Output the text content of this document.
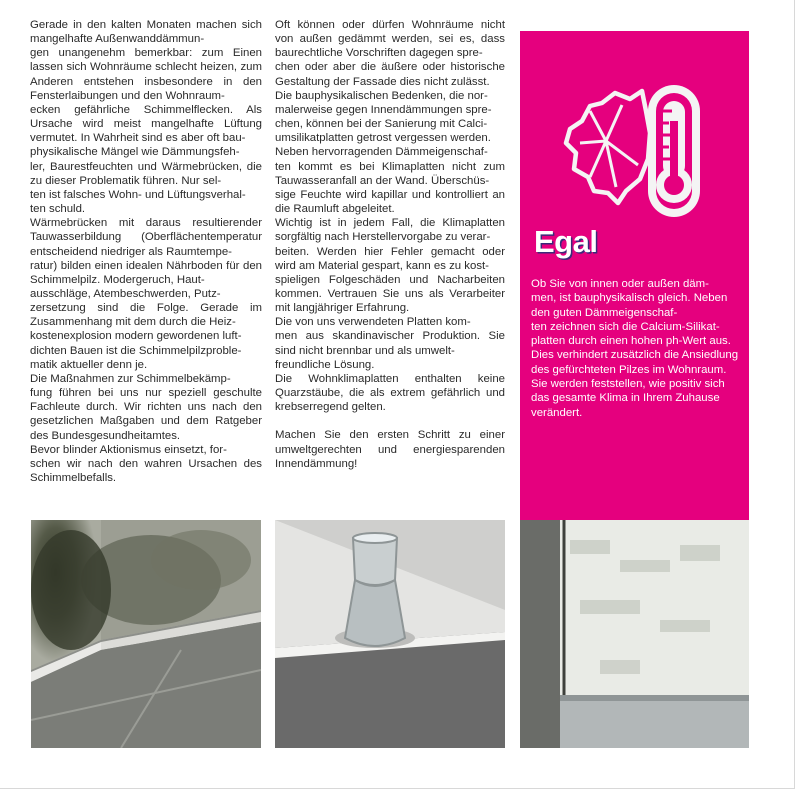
Gerade in den kalten Monaten machen sich mangelhafte Außenwanddämmun-
gen unangenehm bemerkbar: zum Einen lassen sich Wohnräume schlecht heizen, zum Anderen entstehen insbesondere in den Fensterlaibungen und den Wohnraum-
ecken gefährliche Schimmelflecken. Als Ursache wird meist mangelhafte Lüftung vermutet. In Wahrheit sind es aber oft bau-
physikalische Mängel wie Dämmungsfeh-
ler, Baurestfeuchten und Wärmebrücken, die zu dieser Problematik führen. Nur sel-
ten ist falsches Wohn- und Lüftungsverhal-
ten schuld.

Wärmebrücken mit daraus resultierender Tauwasserbildung (Oberflächentemperatur entscheidend niedriger als Raumtempe-
ratur) bilden einen idealen Nährboden für den Schimmelpilz. Modergeruch, Haut-
ausschläge, Atembeschwerden, Putz-
zersetzung sind die Folge. Gerade im Zusammenhang mit dem durch die Heiz-
kostenexplosion modern gewordenen luft-
dichten Bauen ist die Schimmelpilzproble-
matik aktueller denn je.

Die Maßnahmen zur Schimmelbekämp-
fung führen bei uns nur speziell geschulte Fachleute durch. Wir richten uns nach den gesetzlichen Maßgaben und dem Ratgeber des Bundesgesundheitamtes.

Bevor blinder Aktionismus einsetzt, for-
schen wir nach den wahren Ursachen des Schimmelbefalls.

Oft können oder dürfen Wohnräume nicht von außen gedämmt werden, sei es, dass baurechtliche Vorschriften dagegen spre-
chen oder aber die äußere oder historische Gestaltung der Fassade dies nicht zulässt.

Die bauphysikalischen Bedenken, die nor-
malerweise gegen Innendämmungen spre-
chen, können bei der Sanierung mit Calci-
umsilikatplatten getrost vergessen werden.

Neben hervorragenden Dämmeigenschaf-
ten kommt es bei Klimaplatten nicht zum Tauwasseranfall an der Wand. Überschüs-
sige Feuchte wird kapillar und kontrolliert an die Raumluft abgeleitet.

Wichtig ist in jedem Fall, die Klimaplatten sorgfältig nach Herstellervorgabe zu verar-
beiten. Werden hier Fehler gemacht oder wird am Material gespart, kann es zu kost-
spieligen Folgeschäden und Nacharbeiten kommen. Vertrauen Sie uns als Verarbeiter mit langjähriger Erfahrung.

Die von uns verwendeten Platten kom-
men aus skandinavischer Produktion. Sie sind nicht brennbar und als umwelt-
freundliche Lösung.

Die Wohnklimaplatten enthalten keine Quarzstäube, die als extrem gefährlich und krebserregend gelten.

Machen Sie den ersten Schritt zu einer umweltgerechten und energiesparenden Innendämmung!

Egal

Ob Sie von innen oder außen däm-
men, ist bauphysikalisch gleich. Neben den guten Dämmeigenschaf-
ten zeichnen sich die Calcium-Silikat-
platten durch einen hohen ph-Wert aus. Dies verhindert zusätzlich die Ansiedlung des gefürchteten Pilzes im Wohnraum.
Sie werden feststellen, wie positiv sich das gesamte Klima in Ihrem Zuhause verändert.
